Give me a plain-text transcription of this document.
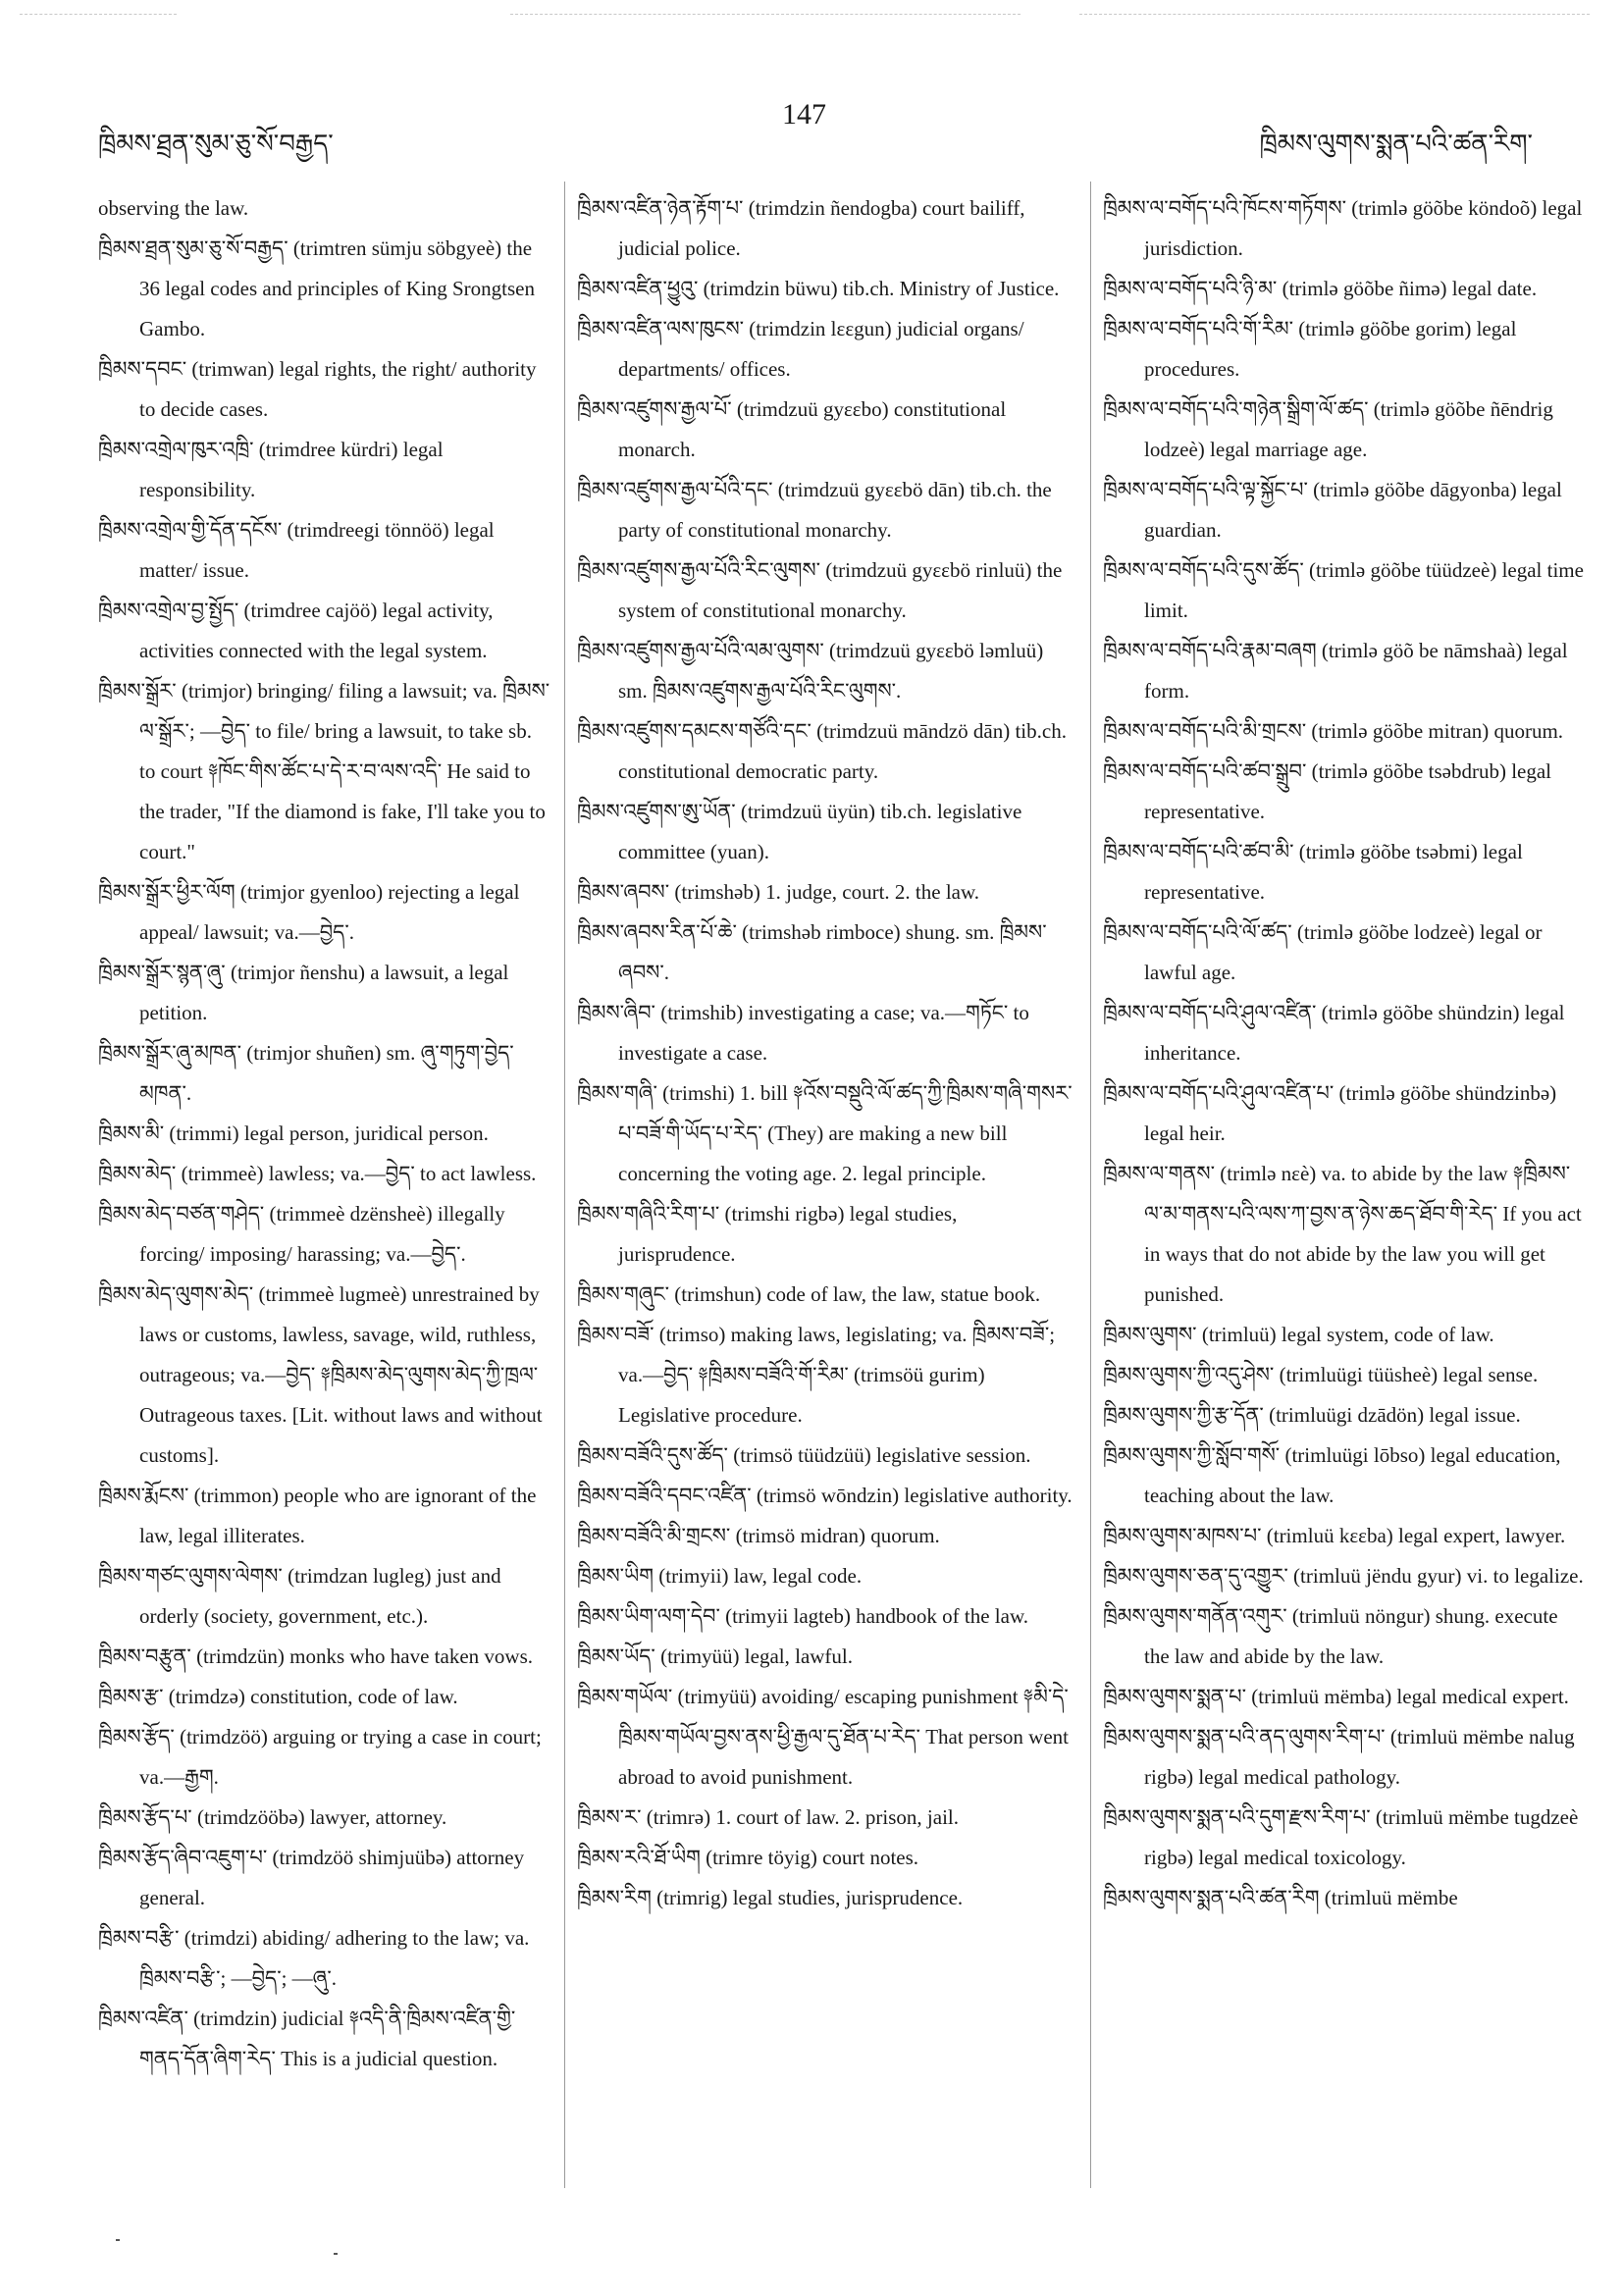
ཁྲིམས་ཐྲན་སུམ་ཅུ་སོ་བརྒྱད་
147
ཁྲིམས་ལུགས་སྨན་པའི་ཚན་རིག་

observing the law.

ཁྲིམས་ཐྲན་སུམ་ཅུ་སོ་བརྒྱད་ (trimtren sümju söbgyeè) the 36 legal codes and principles of King Srongtsen Gambo.

ཁྲིམས་དབང་ (trimwan) legal rights, the right/ authority to decide cases.

ཁྲིམས་འགྲེལ་ཁུར་འཁྲི་ (trimdree kürdri) legal responsibility.

ཁྲིམས་འགྲེལ་གྱི་དོན་དངོས་ (trimdreegi tönnöö) legal matter/ issue.

ཁྲིམས་འགྲེལ་བྱ་སྤྱོད་ (trimdree cajöö) legal activity, activities connected with the legal system.

ཁྲིམས་སྒྲོར་ (trimjor) bringing/ filing a lawsuit; va. ཁྲིམས་ལ་སྒྲོར་; —བྱེད་ to file/ bring a lawsuit, to take sb. to court ༈ཁོང་གིས་ཚོང་པ་དེ་ར་བ་ལས་འདི་ He said to the trader, "If the diamond is fake, I'll take you to court."

ཁྲིམས་སྒྲོར་ཕྱིར་ལོག (trimjor gyenloo) rejecting a legal appeal/ lawsuit; va.—བྱེད་.

ཁྲིམས་སྒྲོར་སྙན་ཞུ་ (trimjor ñenshu) a lawsuit, a legal petition.

ཁྲིམས་སྒྲོར་ཞུ་མཁན་ (trimjor shuñen) sm. ཞུ་གཏུག་བྱེད་མཁན་.

ཁྲིམས་མི་ (trimmi) legal person, juridical person.

ཁྲིམས་མེད་ (trimmeè) lawless; va.—བྱེད་ to act lawless.

ཁྲིམས་མེད་བཙན་གཤེད་ (trimmeè dzënsheè) illegally forcing/ imposing/ harassing; va.—བྱེད་.

ཁྲིམས་མེད་ལུགས་མེད་ (trimmeè lugmeè) unrestrained by laws or customs, lawless, savage, wild, ruthless, outrageous; va.—བྱེད་ ༈ཁྲིམས་མེད་ལུགས་མེད་ཀྱི་ཁྲལ་ Outrageous taxes. [Lit. without laws and without customs].

ཁྲིམས་རྨོངས་ (trimmon) people who are ignorant of the law, legal illiterates.

ཁྲིམས་གཙང་ལུགས་ལེགས་ (trimdzan lugleg) just and orderly (society, government, etc.).

ཁྲིམས་བརྩུན་ (trimdzün) monks who have taken vows.

ཁྲིམས་རྩ་ (trimdzə) constitution, code of law.

ཁྲིམས་རྩོད་ (trimdzöö) arguing or trying a case in court; va.—རྒྱག.

ཁྲིམས་རྩོད་པ་ (trimdzööbə) lawyer, attorney.

ཁྲིམས་རྩོད་ཞིབ་འཇུག་པ་ (trimdzöö shimjuübə) attorney general.

ཁྲིམས་བརྩི་ (trimdzi) abiding/ adhering to the law; va. ཁྲིམས་བརྩི་; —བྱེད་; —ཞུ་.

ཁྲིམས་འཛིན་ (trimdzin) judicial ༈འདི་ནི་ཁྲིམས་འཛིན་གྱི་གནད་དོན་ཞིག་རེད་ This is a judicial question.

ཁྲིམས་འཛིན་ཉེན་རྟོག་པ་ (trimdzin ñendogba) court bailiff, judicial police.

ཁྲིམས་འཛིན་ཕྱུའུ་ (trimdzin büwu) tib.ch. Ministry of Justice.

ཁྲིམས་འཛིན་ལས་ཁུངས་ (trimdzin lɛɛgun) judicial organs/ departments/ offices.

ཁྲིམས་འཛུགས་རྒྱལ་པོ་ (trimdzuü gyɛɛbo) constitutional monarch.

ཁྲིམས་འཛུགས་རྒྱལ་པོའི་དང་ (trimdzuü gyɛɛbö dān) tib.ch. the party of constitutional monarchy.

ཁྲིམས་འཛུགས་རྒྱལ་པོའི་རིང་ལུགས་ (trimdzuü gyɛɛbö rinluü) the system of constitutional monarchy.

ཁྲིམས་འཛུགས་རྒྱལ་པོའི་ལམ་ལུགས་ (trimdzuü gyɛɛbö ləmluü) sm. ཁྲིམས་འཛུགས་རྒྱལ་པོའི་རིང་ལུགས་.

ཁྲིམས་འཛུགས་དམངས་གཙོའི་དང་ (trimdzuü māndzö dān) tib.ch. constitutional democratic party.

ཁྲིམས་འཛུགས་ཨུ་ཡོན་ (trimdzuü üyün) tib.ch. legislative committee (yuan).

ཁྲིམས་ཞབས་ (trimshəb) 1. judge, court. 2. the law.

ཁྲིམས་ཞབས་རིན་པོ་ཆེ་ (trimshəb rimboce) shung. sm. ཁྲིམས་ཞབས་.

ཁྲིམས་ཞིབ་ (trimshib) investigating a case; va.—གཏོང་ to investigate a case.

ཁྲིམས་གཞི་ (trimshi) 1. bill ༈འོས་བསྡུའི་ལོ་ཚད་ཀྱི་ཁྲིམས་གཞི་གསར་པ་བཟོ་གི་ཡོད་པ་རེད་ (They) are making a new bill concerning the voting age. 2. legal principle.

ཁྲིམས་གཞིའི་རིག་པ་ (trimshi rigbə) legal studies, jurisprudence.

ཁྲིམས་གཞུང་ (trimshun) code of law, the law, statue book.

ཁྲིམས་བཟོ་ (trimso) making laws, legislating; va. ཁྲིམས་བཟོ་; va.—བྱེད་ ༈ཁྲིམས་བཟོའི་གོ་རིམ་ (trimsöü gurim) Legislative procedure.

ཁྲིམས་བཟོའི་དུས་ཚོད་ (trimsö tüüdzüü) legislative session.

ཁྲིམས་བཟོའི་དབང་འཛིན་ (trimsö wōndzin) legislative authority.

ཁྲིམས་བཟོའི་མི་གྲངས་ (trimsö midran) quorum.

ཁྲིམས་ཡིག (trimyii) law, legal code.

ཁྲིམས་ཡིག་ལག་དེབ་ (trimyii lagteb) handbook of the law.

ཁྲིམས་ཡོད་ (trimyüü) legal, lawful.

ཁྲིམས་གཡོལ་ (trimyüü) avoiding/ escaping punishment ༈མི་དེ་ཁྲིམས་གཡོལ་བྱས་ནས་ཕྱི་རྒྱལ་དུ་ཐོན་པ་རེད་ That person went abroad to avoid punishment.

ཁྲིམས་ར་ (trimrə) 1. court of law. 2. prison, jail.

ཁྲིམས་རའི་ཐོ་ཡིག (trimre töyig) court notes.

ཁྲིམས་རིག (trimrig) legal studies, jurisprudence.

ཁྲིམས་ལ་བགོད་པའི་ཁོངས་གཏོགས་ (trimlə göõbe köndoõ) legal jurisdiction.

ཁྲིམས་ལ་བགོད་པའི་ཉི་མ་ (trimlə göõbe ñimə) legal date.

ཁྲིམས་ལ་བགོད་པའི་གོ་རིམ་ (trimlə göõbe gorim) legal procedures.

ཁྲིམས་ལ་བགོད་པའི་གཉེན་སྒྲིག་ལོ་ཚད་ (trimlə göõbe ñēndrig lodzeè) legal marriage age.

ཁྲིམས་ལ་བགོད་པའི་ལྟ་སྐྱོང་པ་ (trimlə göõbe dāgyonba) legal guardian.

ཁྲིམས་ལ་བགོད་པའི་དུས་ཚོད་ (trimlə göõbe tüüdzeè) legal time limit.

ཁྲིམས་ལ་བགོད་པའི་རྣམ་བཞག (trimlə göõ be nāmshaà) legal form.

ཁྲིམས་ལ་བགོད་པའི་མི་གྲངས་ (trimlə göõbe mitran) quorum.

ཁྲིམས་ལ་བགོད་པའི་ཚབ་སྒྲུབ་ (trimlə göõbe tsəbdrub) legal representative.

ཁྲིམས་ལ་བགོད་པའི་ཚབ་མི་ (trimlə göõbe tsəbmi) legal representative.

ཁྲིམས་ལ་བགོད་པའི་ལོ་ཚད་ (trimlə göõbe lodzeè) legal or lawful age.

ཁྲིམས་ལ་བགོད་པའི་ཤུལ་འཛིན་ (trimlə göõbe shündzin) legal inheritance.

ཁྲིམས་ལ་བགོད་པའི་ཤུལ་འཛིན་པ་ (trimlə göõbe shündzinbə) legal heir.

ཁྲིམས་ལ་གནས་ (trimlə nɛè) va. to abide by the law ༈ཁྲིམས་ལ་མ་གནས་པའི་ལས་ཀ་བྱས་ན་ཉེས་ཆད་ཐོབ་གི་རེད་ If you act in ways that do not abide by the law you will get punished.

ཁྲིམས་ལུགས་ (trimluü) legal system, code of law.

ཁྲིམས་ལུགས་ཀྱི་འདུ་ཤེས་ (trimluügi tüüsheè) legal sense.

ཁྲིམས་ལུགས་ཀྱི་རྩ་དོན་ (trimluügi dzādön) legal issue.

ཁྲིམས་ལུགས་ཀྱི་སློབ་གསོ་ (trimluügi lōbso) legal education, teaching about the law.

ཁྲིམས་ལུགས་མཁས་པ་ (trimluü kɛɛba) legal expert, lawyer.

ཁྲིམས་ལུགས་ཅན་དུ་འགྱུར་ (trimluü jëndu gyur) vi. to legalize.

ཁྲིམས་ལུགས་གནོན་འགུར་ (trimluü nöngur) shung. execute the law and abide by the law.

ཁྲིམས་ལུགས་སྨན་པ་ (trimluü mëmba) legal medical expert.

ཁྲིམས་ལུགས་སྨན་པའི་ནད་ལུགས་རིག་པ་ (trimluü mëmbe nalug rigbə) legal medical pathology.

ཁྲིམས་ལུགས་སྨན་པའི་དུག་རྫས་རིག་པ་ (trimluü mëmbe tugdzeè rigbə) legal medical toxicology.

ཁྲིམས་ལུགས་སྨན་པའི་ཚན་རིག (trimluü mëmbe
